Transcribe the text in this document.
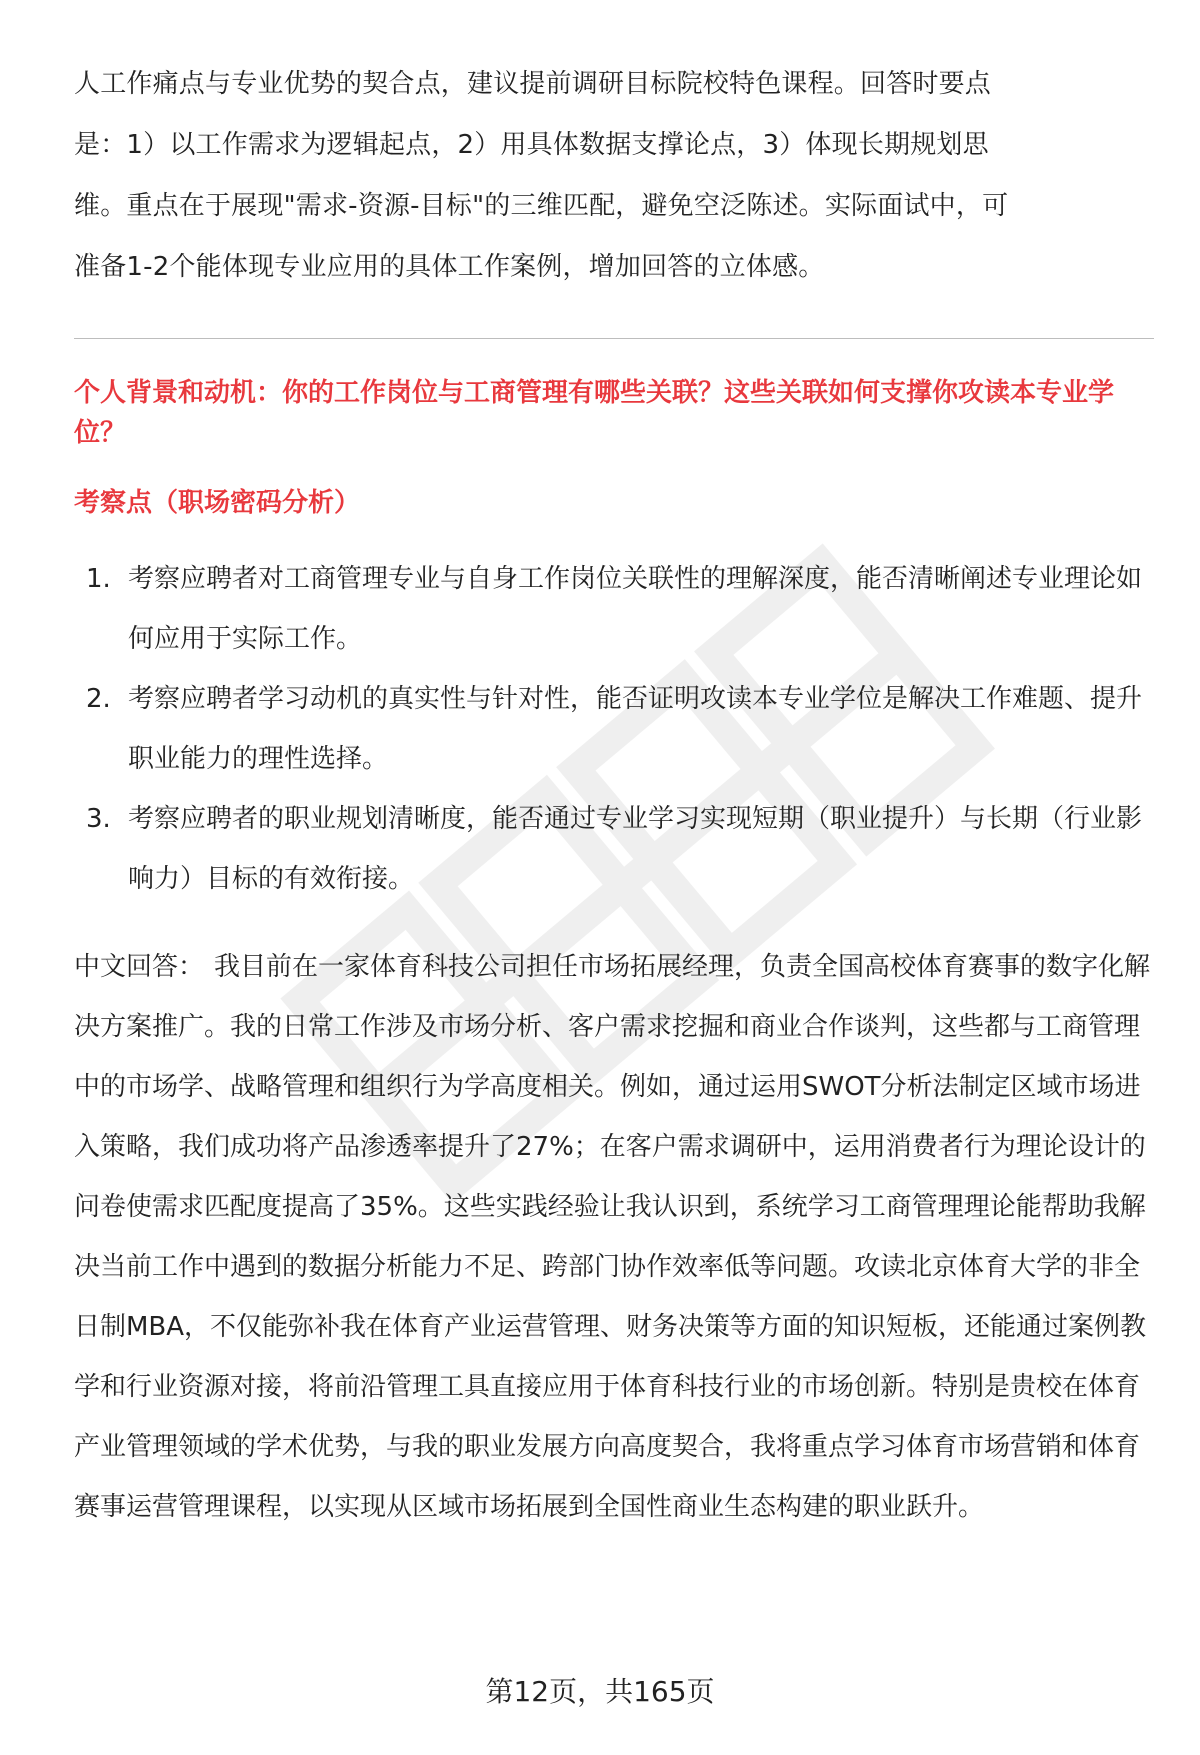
人工作痛点与专业优势的契合点，建议提前调研目标院校特色课程。回答时要点

是：1）以工作需求为逻辑起点，2）用具体数据支撑论点，3）体现长期规划思

维。重点在于展现"需求-资源-目标"的三维匹配，避免空泛陈述。实际面试中，可

准备1-2个能体现专业应用的具体工作案例，增加回答的立体感。

个人背景和动机：你的工作岗位与工商管理有哪些关联？这些关联如何支撑你攻读本专业学位？
考察点（职场密码分析）
1. 考察应聘者对工商管理专业与自身工作岗位关联性的理解深度，能否清晰阐述专业理论如何应用于实际工作。
2. 考察应聘者学习动机的真实性与针对性，能否证明攻读本专业学位是解决工作难题、提升职业能力的理性选择。
3. 考察应聘者的职业规划清晰度，能否通过专业学习实现短期（职业提升）与长期（行业影响力）目标的有效衔接。

中文回答： 我目前在一家体育科技公司担任市场拓展经理，负责全国高校体育赛事的数字化解决方案推广。我的日常工作涉及市场分析、客户需求挖掘和商业合作谈判，这些都与工商管理中的市场学、战略管理和组织行为学高度相关。例如，通过运用SWOT分析法制定区域市场进入策略，我们成功将产品渗透率提升了27%；在客户需求调研中，运用消费者行为理论设计的问卷使需求匹配度提高了35%。这些实践经验让我认识到，系统学习工商管理理论能帮助我解决当前工作中遇到的数据分析能力不足、跨部门协作效率低等问题。攻读北京体育大学的非全日制MBA，不仅能弥补我在体育产业运营管理、财务决策等方面的知识短板，还能通过案例教学和行业资源对接，将前沿管理工具直接应用于体育科技行业的市场创新。特别是贵校在体育产业管理领域的学术优势，与我的职业发展方向高度契合，我将重点学习体育市场营销和体育赛事运营管理课程，以实现从区域市场拓展到全国性商业生态构建的职业跃升。

第12页，共165页
